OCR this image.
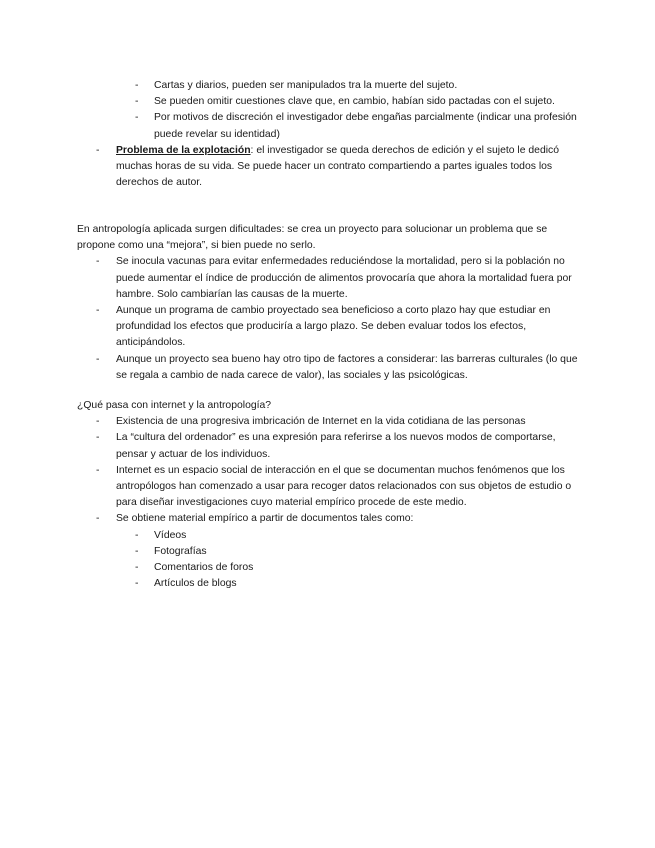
- Cartas y diarios, pueden ser manipulados tra la muerte del sujeto.
- Se pueden omitir cuestiones clave que, en cambio, habían sido pactadas con el sujeto.
- Por motivos de discreción el investigador debe engañas parcialmente (indicar una profesión puede revelar su identidad)
- Problema de la explotación: el investigador se queda derechos de edición y el sujeto le dedicó muchas horas de su vida. Se puede hacer un contrato compartiendo a partes iguales todos los derechos de autor.

En antropología aplicada surgen dificultades: se crea un proyecto para solucionar un problema que se propone como una “mejora”, si bien puede no serlo.

- Se inocula vacunas para evitar enfermedades reduciéndose la mortalidad, pero si la población no puede aumentar el índice de producción de alimentos provocaría que ahora la mortalidad fuera por hambre. Solo cambiarían las causas de la muerte.
- Aunque un programa de cambio proyectado sea beneficioso a corto plazo hay que estudiar en profundidad los efectos que produciría a largo plazo. Se deben evaluar todos los efectos, anticipándolos.
- Aunque un proyecto sea bueno hay otro tipo de factores a considerar: las barreras culturales (lo que se regala a cambio de nada carece de valor), las sociales y las psicológicas.

¿Qué pasa con internet y la antropología?

- Existencia de una progresiva imbricación de Internet en la vida cotidiana de las personas
- La “cultura del ordenador” es una expresión para referirse a los nuevos modos de comportarse, pensar y actuar de los individuos.
- Internet es un espacio social de interacción en el que se documentan muchos fenómenos que los antropólogos han comenzado a usar para recoger datos relacionados con sus objetos de estudio o para diseñar investigaciones cuyo material empírico procede de este medio.
- Se obtiene material empírico a partir de documentos tales como:
- Vídeos
- Fotografías
- Comentarios de foros
- Artículos de blogs
